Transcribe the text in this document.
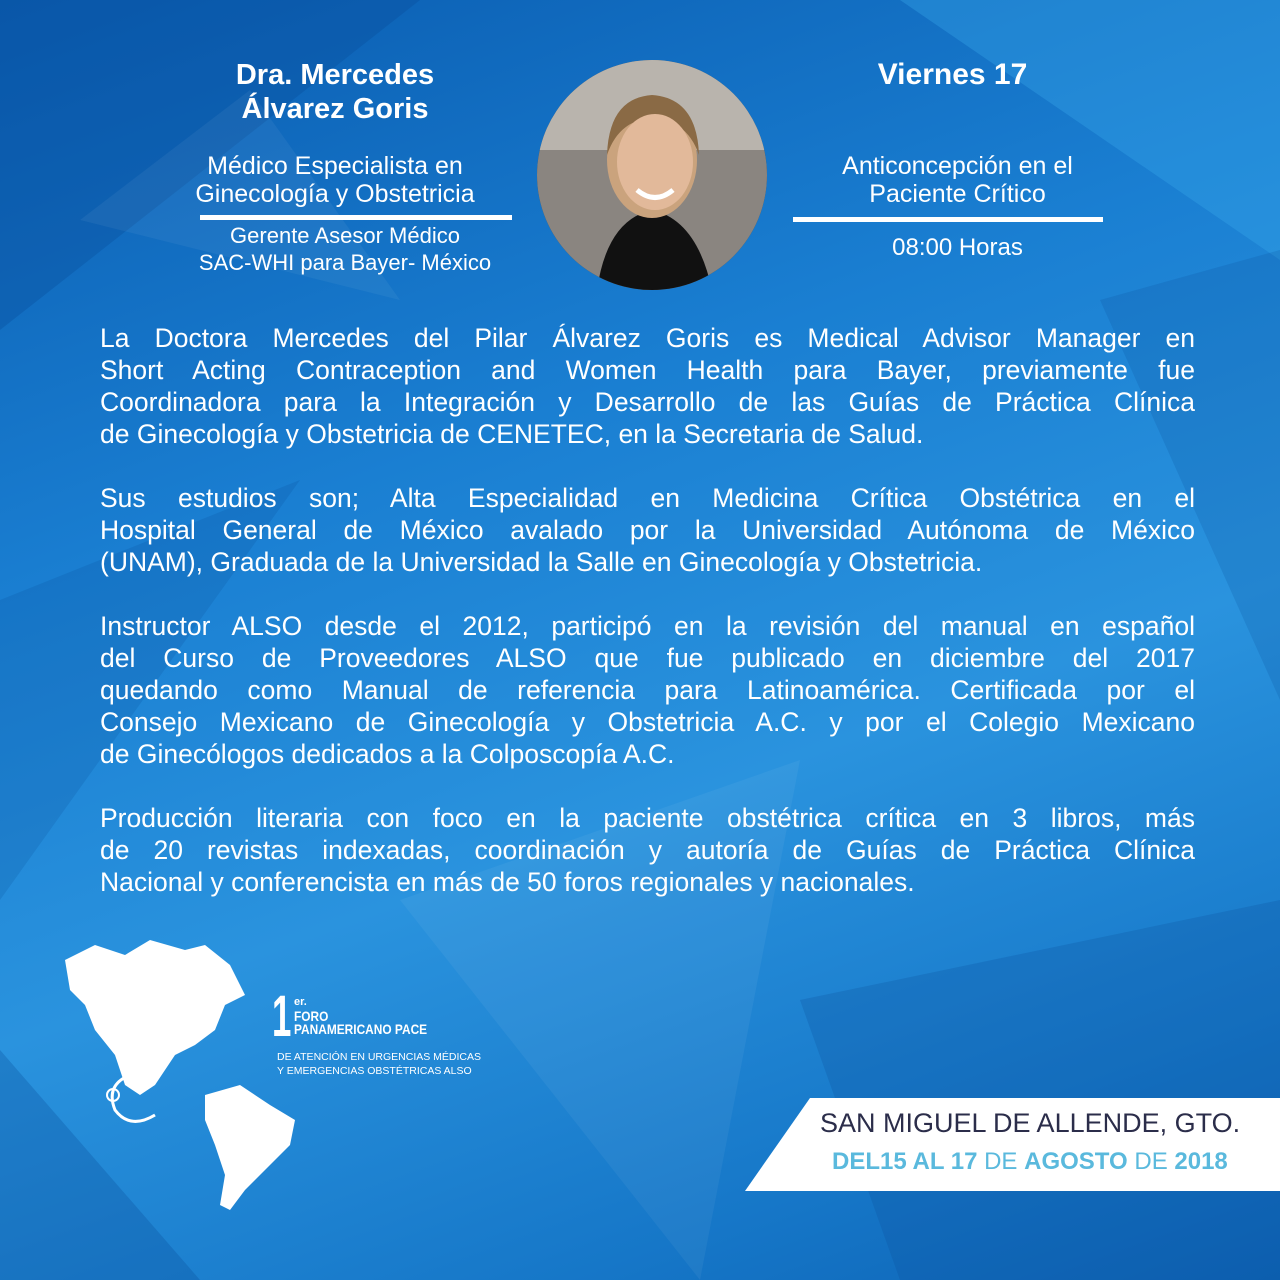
Dra. Mercedes
Álvarez Goris
Médico Especialista en
Ginecología y Obstetricia
Gerente Asesor Médico
SAC-WHI para Bayer- México
Viernes 17
Anticoncepción en el
Paciente Crítico
08:00 Horas
La Doctora Mercedes del Pilar Álvarez Goris es Medical Advisor Manager en
Short Acting Contraception and Women Health para Bayer, previamente fue
Coordinadora para la Integración y Desarrollo de las Guías de Práctica Clínica
de Ginecología y Obstetricia de CENETEC, en la Secretaria de Salud.
Sus estudios son; Alta Especialidad en Medicina Crítica Obstétrica en el
Hospital General de México avalado por la Universidad Autónoma de México
(UNAM), Graduada de la Universidad la Salle en Ginecología y Obstetricia.
Instructor ALSO desde el 2012, participó en la revisión del manual en español
del Curso de Proveedores ALSO que fue publicado en diciembre del 2017
quedando como Manual de referencia para Latinoamérica. Certificada por el
Consejo Mexicano de Ginecología y Obstetricia A.C. y por el Colegio Mexicano
de Ginecólogos dedicados a la Colposcopía A.C.
Producción literaria con foco en la paciente obstétrica crítica en 3 libros, más
de 20 revistas indexadas, coordinación y autoría de Guías de Práctica Clínica
Nacional y conferencista en más de 50 foros regionales y nacionales.
1 er.
FORO
PANAMERICANO PACE
DE ATENCIÓN EN URGENCIAS MÉDICAS
Y EMERGENCIAS OBSTÉTRICAS ALSO
SAN MIGUEL DE ALLENDE, GTO.
DEL15 AL 17 DE AGOSTO DE 2018
